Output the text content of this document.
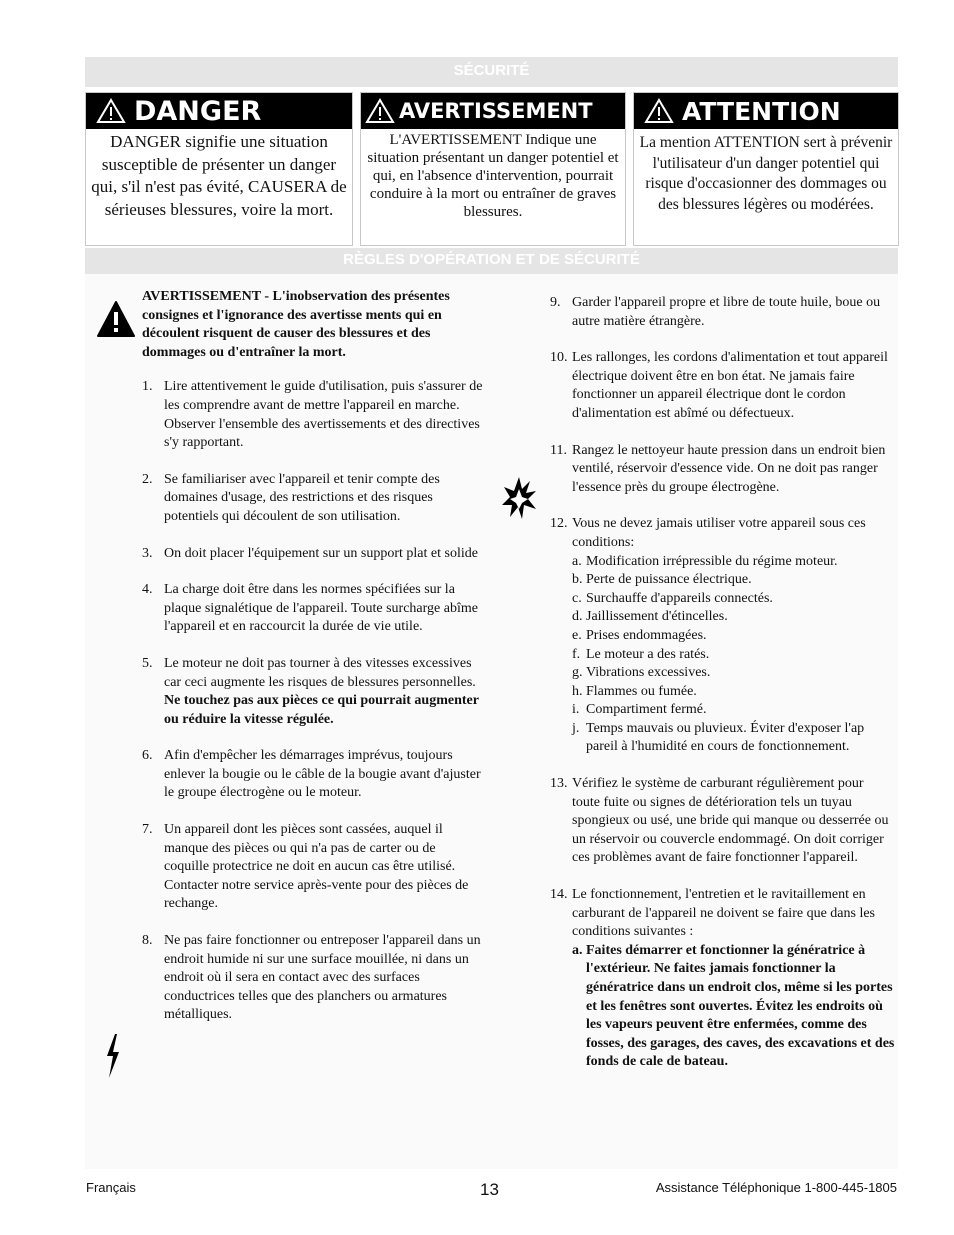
SÉCURITÉ
DANGER
DANGER signifie une situation susceptible de présenter un danger qui, s'il n'est pas évité, CAUSERA de sérieuses blessures, voire la mort.
AVERTISSEMENT
L'AVERTISSEMENT Indique une situation présentant un danger potentiel et qui, en l'absence d'intervention, pourrait conduire à la mort ou entraîner de graves blessures.
ATTENTION
La mention ATTENTION sert à prévenir l'utilisateur d'un danger potentiel qui risque d'occasionner des dommages ou des blessures légères ou modérées.
RÈGLES D'OPÉRATION ET DE SÉCURITÉ
AVERTISSEMENT - L'inobservation des présentes consignes et l'ignorance des avertisse ments qui en découlent risquent de causer des blessures et des dommages ou d'entraîner la mort.
1. Lire attentivement le guide d'utilisation, puis s'assurer de les comprendre avant de mettre l'appareil en marche. Observer l'ensemble des avertissements et des directives s'y rapportant.
2. Se familiariser avec l'appareil et tenir compte des domaines d'usage, des restrictions et des risques potentiels qui découlent de son utilisation.
3. On doit placer l'équipement sur un support plat et solide
4. La charge doit être dans les normes spécifiées sur la plaque signalétique de l'appareil. Toute surcharge abîme l'appareil et en raccourcit la durée de vie utile.
5. Le moteur ne doit pas tourner à des vitesses excessives car ceci augmente les risques de blessures personnelles.
Ne touchez pas aux pièces ce qui pourrait augmenter ou réduire la vitesse régulée.
6. Afin d'empêcher les démarrages imprévus, toujours enlever la bougie ou le câble de la bougie avant d'ajuster le groupe électrogène ou le moteur.
7. Un appareil dont les pièces sont cassées, auquel il manque des pièces ou qui n'a pas de carter ou de coquille protectrice ne doit en aucun cas être utilisé. Contacter notre service après-vente pour des pièces de rechange.
8. Ne pas faire fonctionner ou entreposer l'appareil dans un endroit humide ni sur une surface mouillée, ni dans un endroit où il sera en contact avec des surfaces conductrices telles que des planchers ou armatures métalliques.
9. Garder l'appareil propre et libre de toute huile, boue ou autre matière étrangère.
10. Les rallonges, les cordons d'alimentation et tout appareil électrique doivent être en bon état. Ne jamais faire fonctionner un appareil électrique dont le cordon d'alimentation est abîmé ou défectueux.
11. Rangez le nettoyeur haute pression dans un endroit bien ventilé, réservoir d'essence vide. On ne doit pas ranger l'essence près du groupe électrogène.
12. Vous ne devez jamais utiliser votre appareil sous ces conditions:
a. Modification irrépressible du régime moteur.
b. Perte de puissance électrique.
c. Surchauffe d'appareils connectés.
d. Jaillissement d'étincelles.
e. Prises endommagées.
f. Le moteur a des ratés.
g. Vibrations excessives.
h. Flammes ou fumée.
i. Compartiment fermé.
j. Temps mauvais ou pluvieux. Éviter d'exposer l'ap pareil à l'humidité en cours de fonctionnement.
13. Vérifiez le système de carburant régulièrement pour toute fuite ou signes de détérioration tels un tuyau spongieux ou usé, une bride qui manque ou desserrée ou un réservoir ou couvercle endommagé. On doit corriger ces problèmes avant de faire fonctionner l'appareil.
14. Le fonctionnement, l'entretien et le ravitaillement en carburant de l'appareil ne doivent se faire que dans les conditions suivantes :
a. Faites démarrer et fonctionner la génératrice à l'extérieur. Ne faites jamais fonctionner la génératrice dans un endroit clos, même si les portes et les fenêtres sont ouvertes. Évitez les endroits où les vapeurs peuvent être enfermées, comme des fosses, des garages, des caves, des excavations et des fonds de cale de bateau.
Français	13	Assistance Téléphonique 1-800-445-1805
